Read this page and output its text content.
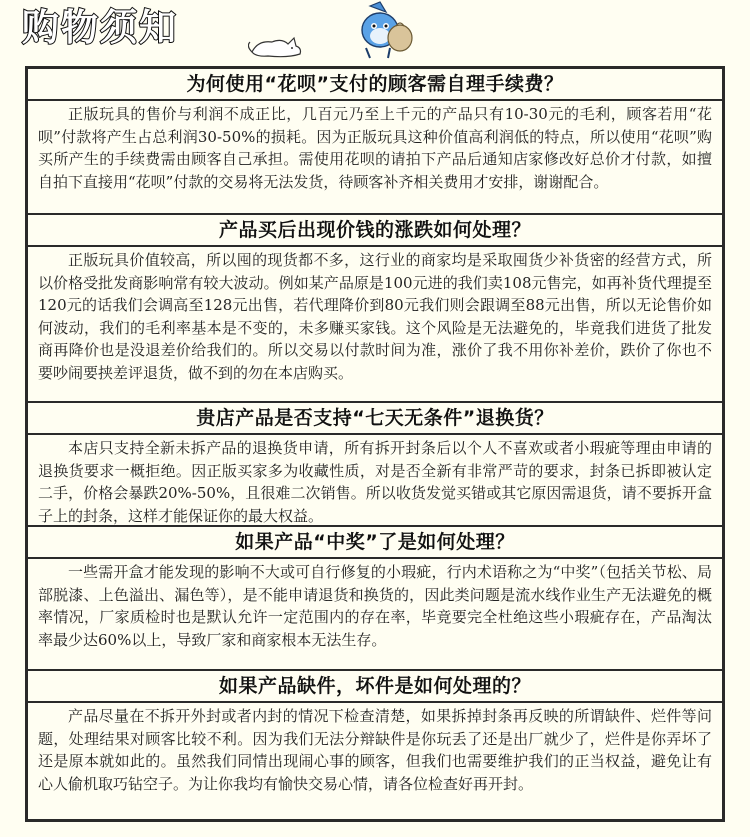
购物须知
为何使用“花呗”支付的顾客需自理手续费？
正版玩具的售价与利润不成正比，几百元乃至上千元的产品只有10-30元的毛利，顾客若用“花呗”付款将产生占总利润30-50%的损耗。因为正版玩具这种价值高利润低的特点，所以使用“花呗”购买所产生的手续费需由顾客自己承担。需使用花呗的请拍下产品后通知店家修改好总价才付款，如擅自拍下直接用“花呗”付款的交易将无法发货，待顾客补齐相关费用才安排，谢谢配合。
产品买后出现价钱的涨跌如何处理？
正版玩具价值较高，所以囤的现货都不多，这行业的商家均是采取囤货少补货密的经营方式，所以价格受批发商影响常有较大波动。例如某产品原是100元进的我们卖108元售完，如再补货代理提至120元的话我们会调高至128元出售，若代理降价到80元我们则会跟调至88元出售，所以无论售价如何波动，我们的毛利率基本是不变的，未多赚买家钱。这个风险是无法避免的，毕竟我们进货了批发商再降价也是没退差价给我们的。所以交易以付款时间为准，涨价了我不用你补差价，跌价了你也不要吵闹要挟差评退货，做不到的勿在本店购买。
贵店产品是否支持“七天无条件”退换货？
本店只支持全新未拆产品的退换货申请，所有拆开封条后以个人不喜欢或者小瑕疵等理由申请的退换货要求一概拒绝。因正版买家多为收藏性质，对是否全新有非常严苛的要求，封条已拆即被认定二手，价格会暴跌20%-50%，且很难二次销售。所以收货发觉买错或其它原因需退货，请不要拆开盒子上的封条，这样才能保证你的最大权益。
如果产品“中奖”了是如何处理？
一些需开盒才能发现的影响不大或可自行修复的小瑕疵，行内术语称之为“中奖”（包括关节松、局部脱漆、上色溢出、漏色等），是不能申请退货和换货的，因此类问题是流水线作业生产无法避免的概率情况，厂家质检时也是默认允许一定范围内的存在率，毕竟要完全杜绝这些小瑕疵存在，产品淘汰率最少达60%以上，导致厂家和商家根本无法生存。
如果产品缺件，坏件是如何处理的？
产品尽量在不拆开外封或者内封的情况下检查清楚，如果拆掉封条再反映的所谓缺件、烂件等问题，处理结果对顾客比较不利。因为我们无法分辩缺件是你玩丢了还是出厂就少了，烂件是你弄坏了还是原本就如此的。虽然我们同情出现闹心事的顾客，但我们也需要维护我们的正当权益，避免让有心人偷机取巧钻空子。为让你我均有愉快交易心情，请各位检查好再开封。
